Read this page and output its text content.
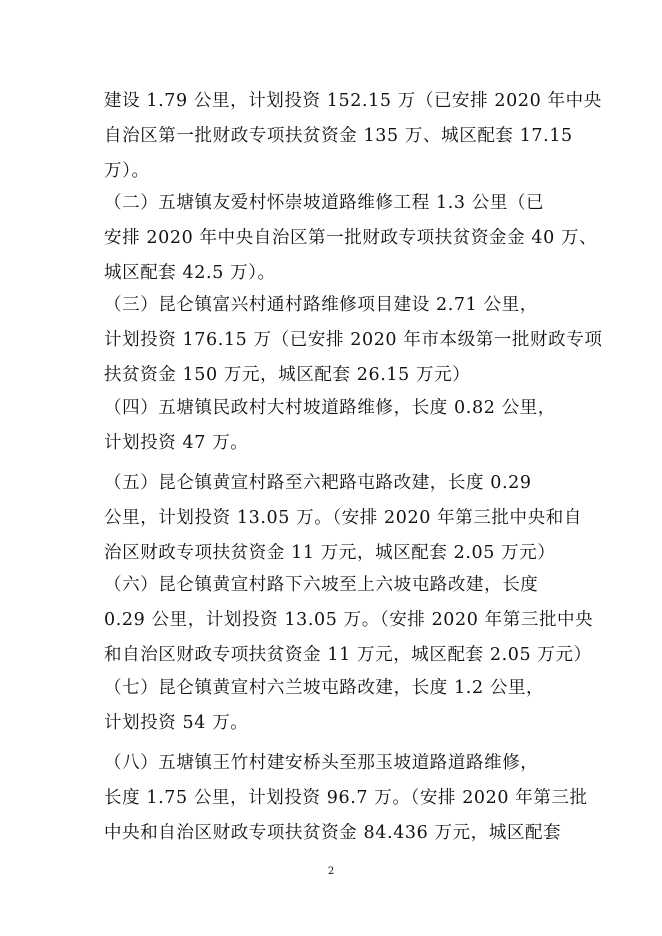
建设 1.79 公里，计划投资 152.15 万（已安排 2020 年中央
自治区第一批财政专项扶贫资金 135 万、城区配套 17.15
万）。
（二）五塘镇友爱村怀崇坡道路维修工程 1.3 公里（已
安排 2020 年中央自治区第一批财政专项扶贫资金金 40 万、
城区配套 42.5 万）。
（三）昆仑镇富兴村通村路维修项目建设 2.71 公里，
计划投资 176.15 万（已安排 2020 年市本级第一批财政专项
扶贫资金 150 万元，城区配套 26.15 万元）
（四）五塘镇民政村大村坡道路维修，长度 0.82 公里，
计划投资 47 万。
（五）昆仑镇黄宣村路至六耙路屯路改建，长度 0.29
公里，计划投资 13.05 万。（安排 2020 年第三批中央和自
治区财政专项扶贫资金 11 万元，城区配套 2.05 万元）
（六）昆仑镇黄宣村路下六坡至上六坡屯路改建，长度
0.29 公里，计划投资 13.05 万。（安排 2020 年第三批中央
和自治区财政专项扶贫资金 11 万元，城区配套 2.05 万元）
（七）昆仑镇黄宣村六兰坡屯路改建，长度 1.2 公里，
计划投资 54 万。
（八）五塘镇王竹村建安桥头至那玉坡道路道路维修，
长度 1.75 公里，计划投资 96.7 万。（安排 2020 年第三批
中央和自治区财政专项扶贫资金 84.436 万元，城区配套
2
